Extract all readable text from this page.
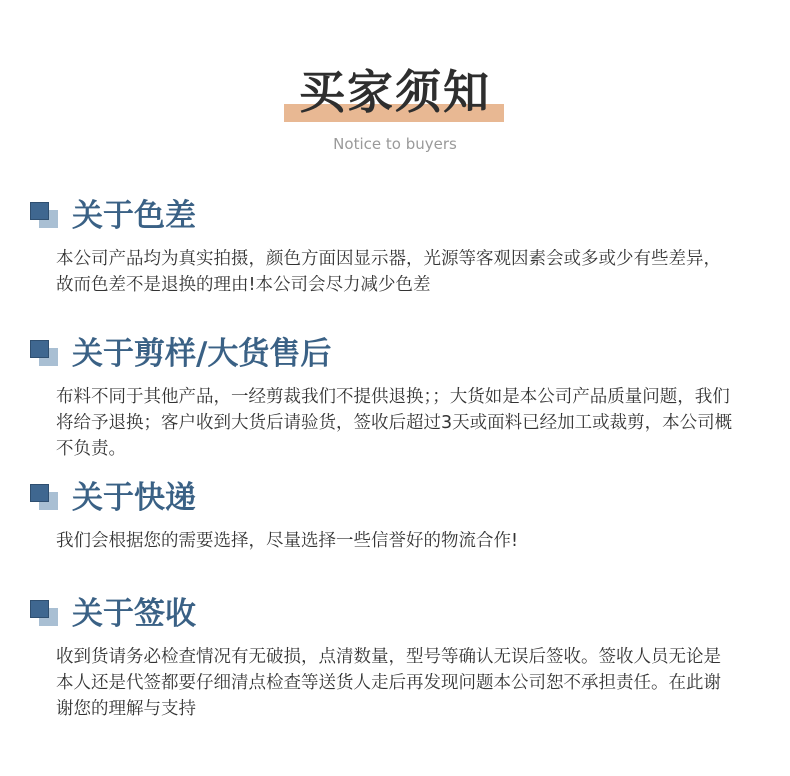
买家须知
Notice to buyers
关于色差
本公司产品均为真实拍摄，颜色方面因显示器，光源等客观因素会或多或少有些差异，故而色差不是退换的理由!本公司会尽力减少色差
关于剪样/大货售后
布料不同于其他产品，一经剪裁我们不提供退换；；大货如是本公司产品质量问题，我们将给予退换；客户收到大货后请验货，签收后超过3天或面料已经加工或裁剪，本公司概不负责。
关于快递
我们会根据您的需要选择，尽量选择一些信誉好的物流合作!
关于签收
收到货请务必检查情况有无破损，点清数量，型号等确认无误后签收。签收人员无论是本人还是代签都要仔细清点检查等送货人走后再发现问题本公司恕不承担责任。在此谢谢您的理解与支持
